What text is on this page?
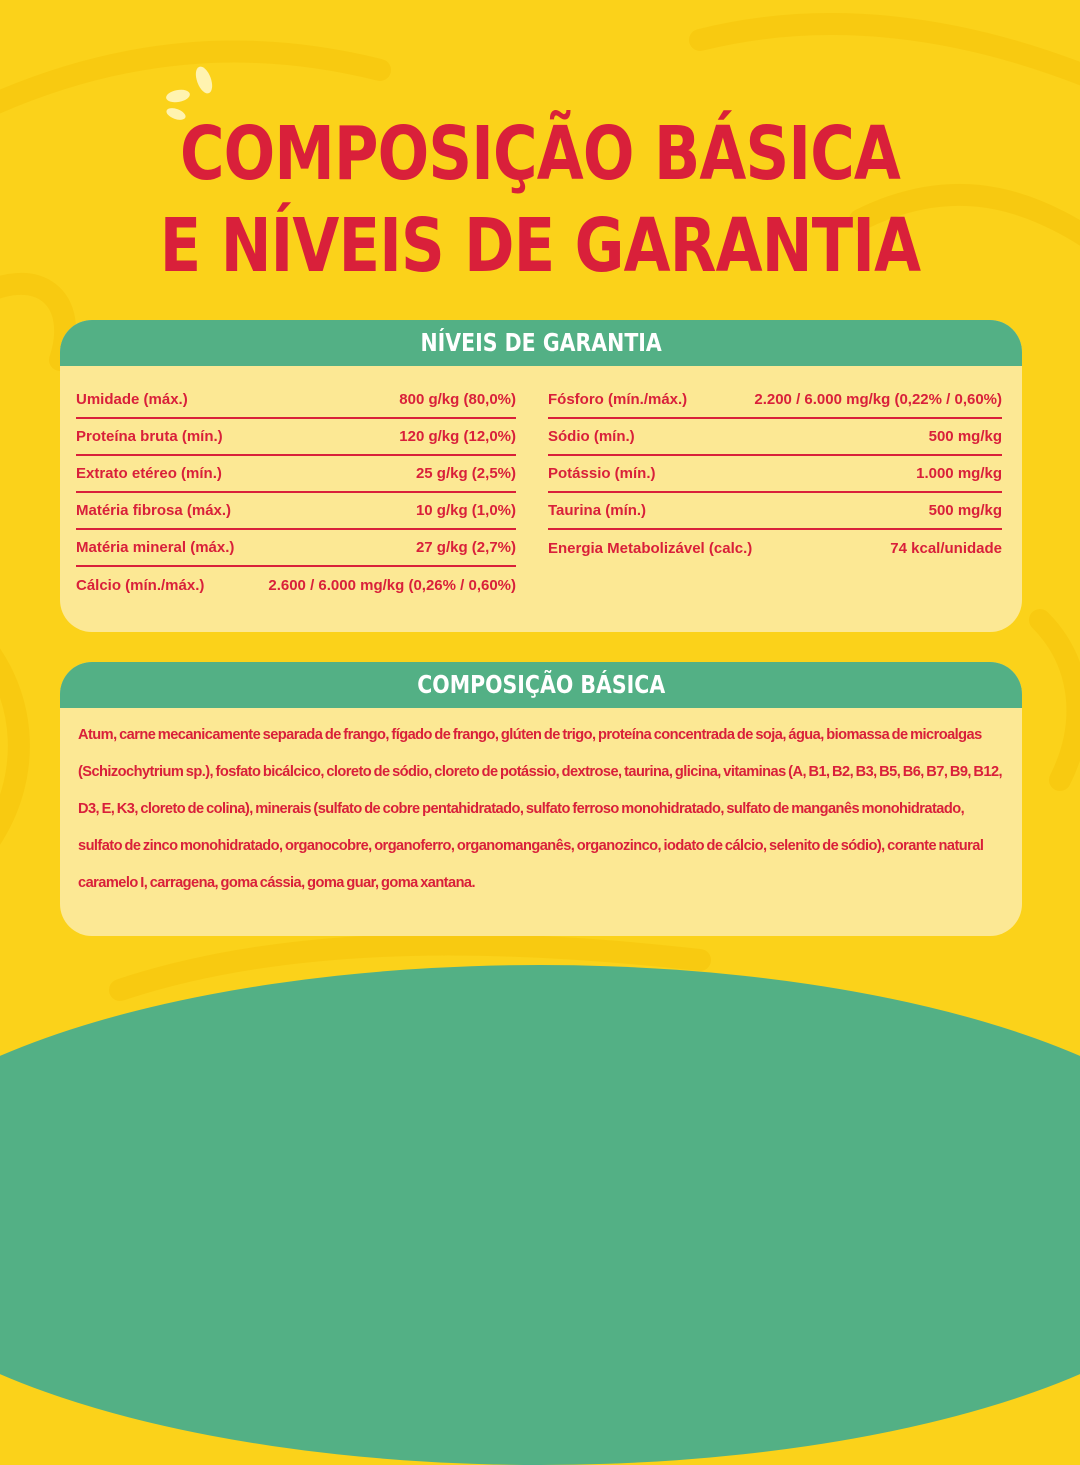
COMPOSIÇÃO BÁSICA
E NÍVEIS DE GARANTIA
NÍVEIS DE GARANTIA
Umidade (máx.)	800 g/kg (80,0%)
Proteína bruta (mín.)	120 g/kg (12,0%)
Extrato etéreo (mín.)	25 g/kg (2,5%)
Matéria fibrosa (máx.)	10 g/kg (1,0%)
Matéria mineral (máx.)	27 g/kg (2,7%)
Cálcio (mín./máx.)	2.600 / 6.000 mg/kg (0,26% / 0,60%)
Fósforo (mín./máx.)	2.200 / 6.000 mg/kg (0,22% / 0,60%)
Sódio (mín.)	500 mg/kg
Potássio (mín.)	1.000 mg/kg
Taurina (mín.)	500 mg/kg
Energia Metabolizável (calc.)	74 kcal/unidade
COMPOSIÇÃO BÁSICA
Atum, carne mecanicamente separada de frango, fígado de frango, glúten de trigo, proteína concentrada de soja, água, biomassa de microalgas (Schizochytrium sp.), fosfato bicálcico, cloreto de sódio, cloreto de potássio, dextrose, taurina, glicina, vitaminas (A, B1, B2, B3, B5, B6, B7, B9, B12, D3, E, K3, cloreto de colina), minerais (sulfato de cobre pentahidratado, sulfato ferroso monohidratado, sulfato de manganês monohidratado, sulfato de zinco monohidratado, organocobre, organoferro, organomanganês, organozinco, iodato de cálcio, selenito de sódio), corante natural caramelo I, carragena, goma cássia, goma guar, goma xantana.
